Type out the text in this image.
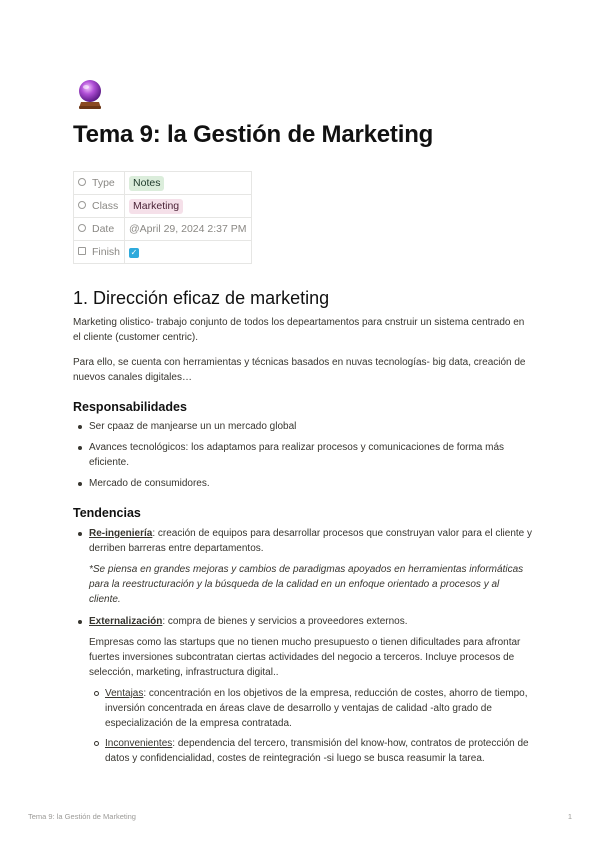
Tema 9: la Gestión de Marketing
Type	Notes
Class	Marketing
Date	@April 29, 2024 2:37 PM
Finish	✓
1. Dirección eficaz de marketing

Marketing olistico- trabajo conjunto de todos los depeartamentos para cnstruir un sistema centrado en el cliente (customer centric).

Para ello, se cuenta con herramientas y técnicas basados en nuvas tecnologías- big data, creación de nuevos canales digitales…

Responsabilidades
Ser cpaaz de manjearse un un mercado global
Avances tecnológicos: los adaptamos para realizar procesos y comunicaciones de forma más eficiente.
Mercado de consumidores.
Tendencias
Re-ingeniería: creación de equipos para desarrollar procesos que construyan valor para el cliente y derriben barreras entre departamentos.

*Se piensa en grandes mejoras y cambios de paradigmas apoyados en herramientas informáticas para la reestructuración y la búsqueda de la calidad en un enfoque orientado a procesos y al cliente.

Externalización: compra de bienes y servicios a proveedores externos.

Empresas como las startups que no tienen mucho presupuesto o tienen dificultades para afrontar fuertes inversiones subcontratan ciertas actividades del negocio a terceros. Incluye procesos de selección, marketing, infrastructura digital..

Ventajas: concentración en los objetivos de la empresa, reducción de costes, ahorro de tiempo, inversión concentrada en áreas clave de desarrollo y ventajas de calidad -alto grado de especialización de la empresa contratada.
Inconvenientes: dependencia del tercero, transmisión del know-how, contratos de protección de datos y confidencialidad, costes de reintegración -si luego se busca reasumir la tarea.
Tema 9: la Gestión de Marketing	1
